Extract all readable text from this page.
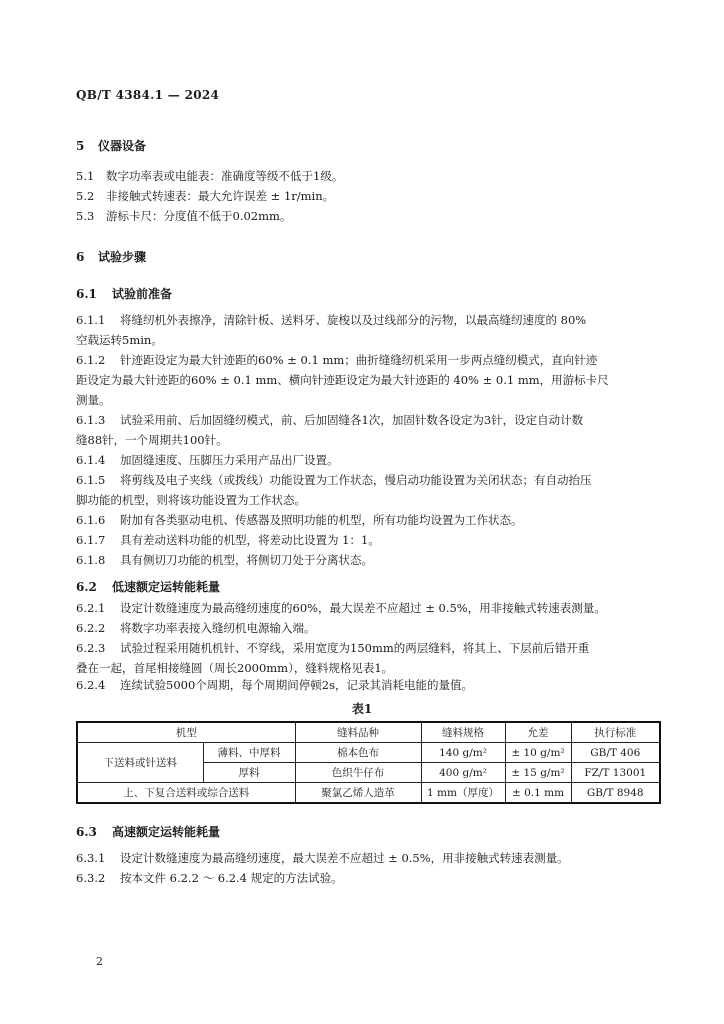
QB/T 4384.1 — 2024
5 仪器设备
5.1 数字功率表或电能表：准确度等级不低于1级。
5.2 非接触式转速表：最大允许误差 ± 1r/min。
5.3 游标卡尺：分度值不低于0.02mm。
6 试验步骤
6.1 试验前准备
6.1.1 将缝纫机外表擦净，清除针板、送料牙、旋梭以及过线部分的污物，以最高缝纫速度的 80%
空载运转5min。
6.1.2 针迹距设定为最大针迹距的60% ± 0.1 mm；曲折缝缝纫机采用一步两点缝纫模式，直向针迹
距设定为最大针迹距的60% ± 0.1 mm、横向针迹距设定为最大针迹距的 40% ± 0.1 mm，用游标卡尺
测量。
6.1.3 试验采用前、后加固缝纫模式，前、后加固缝各1次，加固针数各设定为3针，设定自动计数
缝88针，一个周期共100针。
6.1.4 加固缝速度、压脚压力采用产品出厂设置。
6.1.5 将剪线及电子夹线（或拨线）功能设置为工作状态，慢启动功能设置为关闭状态；有自动抬压
脚功能的机型，则将该功能设置为工作状态。
6.1.6 附加有各类驱动电机、传感器及照明功能的机型，所有功能均设置为工作状态。
6.1.7 具有差动送料功能的机型，将差动比设置为 1：1。
6.1.8 具有侧切刀功能的机型，将侧切刀处于分离状态。
6.2 低速额定运转能耗量
6.2.1 设定计数缝速度为最高缝纫速度的60%，最大误差不应超过 ± 0.5%，用非接触式转速表测量。
6.2.2 将数字功率表接入缝纫机电源输入端。
6.2.3 试验过程采用随机机针、不穿线，采用宽度为150mm的两层缝料，将其上、下层前后错开重
叠在一起，首尾相接缝圆（周长2000mm），缝料规格见表1。
6.2.4 连续试验5000个周期，每个周期间停顿2s，记录其消耗电能的量值。
表1
机型		缝料品种	缝料规格	允差	执行标准
下送料或针送料	薄料、中厚料	棉本色布	140 g/m²	± 10 g/m²	GB/T 406
	厚料	色织牛仔布	400 g/m²	± 15 g/m²	FZ/T 13001
上、下复合送料或综合送料		聚氯乙烯人造革	1 mm（厚度）	± 0.1 mm	GB/T 8948
6.3 高速额定运转能耗量
6.3.1 设定计数缝速度为最高缝纫速度，最大误差不应超过 ± 0.5%，用非接触式转速表测量。
6.3.2 按本文件 6.2.2 ～ 6.2.4 规定的方法试验。
2
